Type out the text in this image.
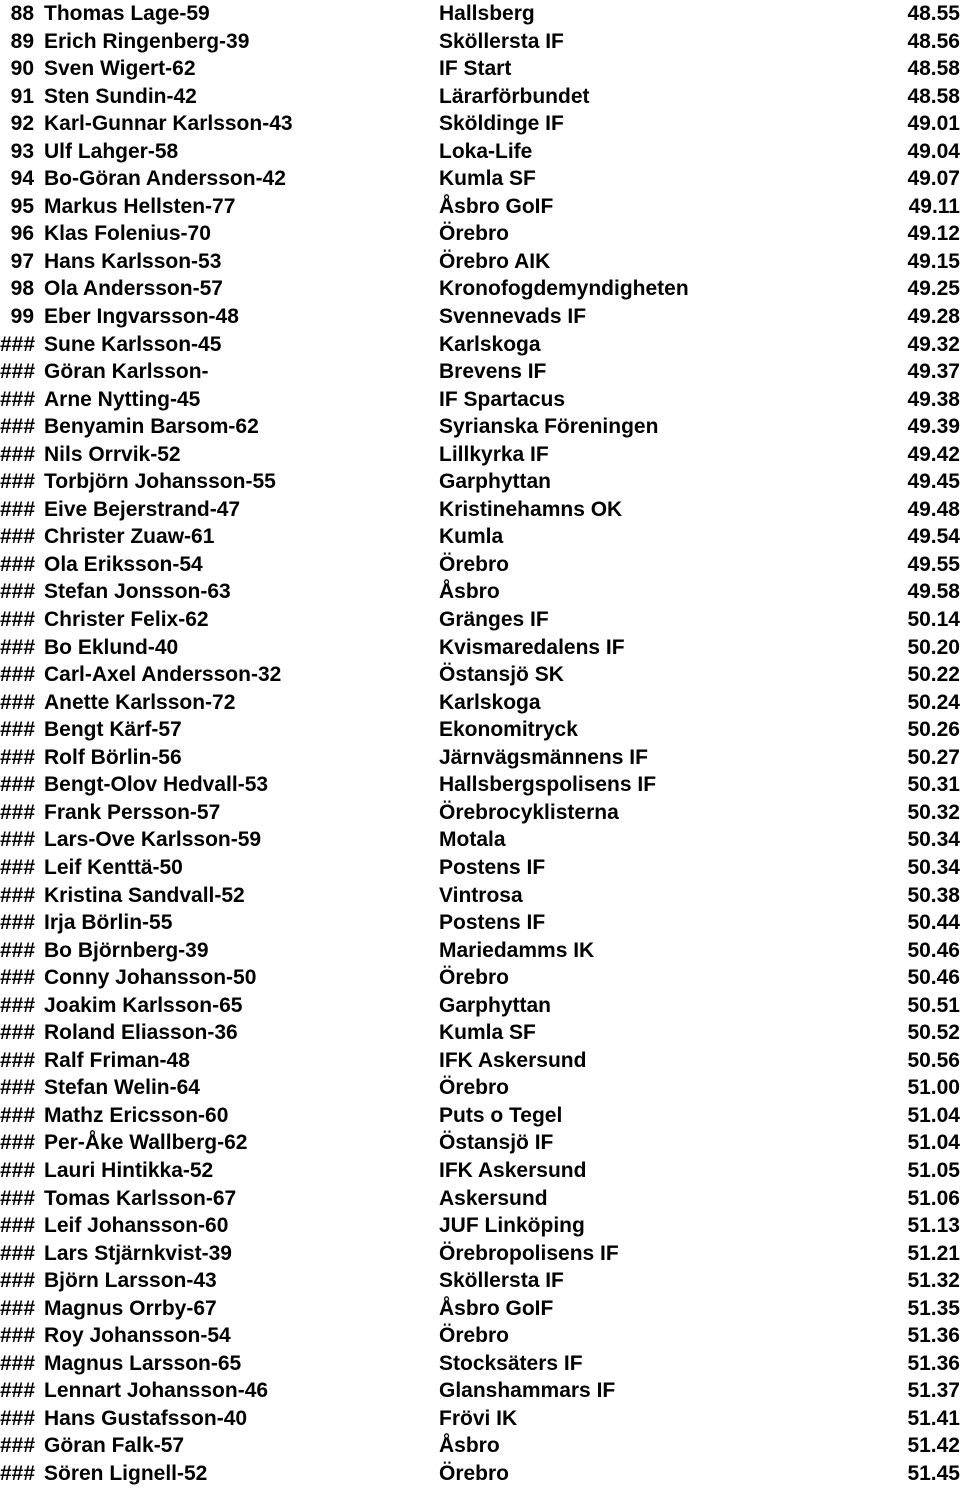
88 Thomas Lage-59	Hallsberg	48.55
89 Erich Ringenberg-39	Sköllersta IF	48.56
90 Sven Wigert-62	IF Start	48.58
91 Sten Sundin-42	Lärarförbundet	48.58
92 Karl-Gunnar Karlsson-43	Sköldinge IF	49.01
93 Ulf Lahger-58	Loka-Life	49.04
94 Bo-Göran Andersson-42	Kumla SF	49.07
95 Markus Hellsten-77	Åsbro GoIF	49.11
96 Klas Folenius-70	Örebro	49.12
97 Hans Karlsson-53	Örebro AIK	49.15
98 Ola Andersson-57	Kronofogdemyndigheten	49.25
99 Eber Ingvarsson-48	Svennevads IF	49.28
### Sune Karlsson-45	Karlskoga	49.32
### Göran Karlsson-	Brevens IF	49.37
### Arne Nytting-45	IF Spartacus	49.38
### Benyamin Barsom-62	Syrianska Föreningen	49.39
### Nils Orrvik-52	Lillkyrka IF	49.42
### Torbjörn Johansson-55	Garphyttan	49.45
### Eive Bejerstrand-47	Kristinehamns OK	49.48
### Christer Zuaw-61	Kumla	49.54
### Ola Eriksson-54	Örebro	49.55
### Stefan Jonsson-63	Åsbro	49.58
### Christer Felix-62	Gränges IF	50.14
### Bo Eklund-40	Kvismaredalens IF	50.20
### Carl-Axel Andersson-32	Östansjö SK	50.22
### Anette Karlsson-72	Karlskoga	50.24
### Bengt Kärf-57	Ekonomitryck	50.26
### Rolf Börlin-56	Järnvägsmännens IF	50.27
### Bengt-Olov Hedvall-53	Hallsbergspolisens IF	50.31
### Frank Persson-57	Örebrocyklisterna	50.32
### Lars-Ove Karlsson-59	Motala	50.34
### Leif Kenttä-50	Postens IF	50.34
### Kristina Sandvall-52	Vintrosa	50.38
### Irja Börlin-55	Postens IF	50.44
### Bo Björnberg-39	Mariedamms IK	50.46
### Conny Johansson-50	Örebro	50.46
### Joakim Karlsson-65	Garphyttan	50.51
### Roland Eliasson-36	Kumla SF	50.52
### Ralf Friman-48	IFK Askersund	50.56
### Stefan Welin-64	Örebro	51.00
### Mathz Ericsson-60	Puts o Tegel	51.04
### Per-Åke Wallberg-62	Östansjö IF	51.04
### Lauri Hintikka-52	IFK Askersund	51.05
### Tomas Karlsson-67	Askersund	51.06
### Leif Johansson-60	JUF Linköping	51.13
### Lars Stjärnkvist-39	Örebropolisens IF	51.21
### Björn Larsson-43	Sköllersta IF	51.32
### Magnus Orrby-67	Åsbro GoIF	51.35
### Roy Johansson-54	Örebro	51.36
### Magnus Larsson-65	Stocksäters IF	51.36
### Lennart Johansson-46	Glanshammars IF	51.37
### Hans Gustafsson-40	Frövi IK	51.41
### Göran Falk-57	Åsbro	51.42
### Sören Lignell-52	Örebro	51.45
